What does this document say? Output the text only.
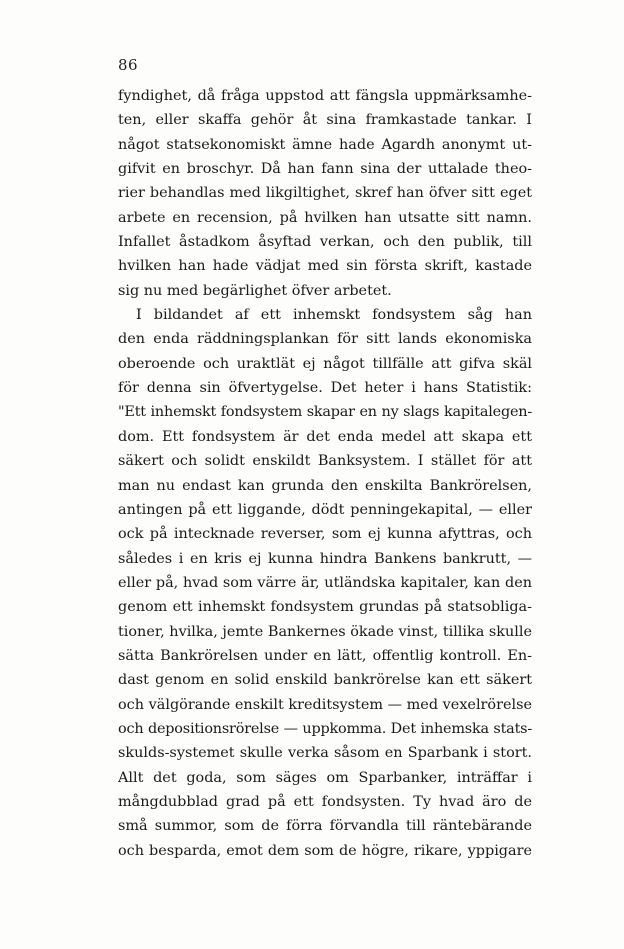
86
fyndighet, då fråga uppstod att fängsla uppmärksamhe-
ten, eller skaffa gehör åt sina framkastade tankar. I
något statsekonomiskt ämne hade Agardh anonymt ut-
gifvit en broschyr. Då han fann sina der uttalade theo-
rier behandlas med likgiltighet, skref han öfver sitt eget
arbete en recension, på hvilken han utsatte sitt namn.
Infallet åstadkom åsyftad verkan, och den publik, till
hvilken han hade vädjat med sin första skrift, kastade
sig nu med begärlighet öfver arbetet.
I bildandet af ett inhemskt fondsystem såg han
den enda räddningsplankan för sitt lands ekonomiska
oberoende och uraktlät ej något tillfälle att gifva skäl
för denna sin öfvertygelse. Det heter i hans Statistik:
"Ett inhemskt fondsystem skapar en ny slags kapitalegen-
dom. Ett fondsystem är det enda medel att skapa ett
säkert och solidt enskildt Banksystem. I stället för att
man nu endast kan grunda den enskilta Bankrörelsen,
antingen på ett liggande, dödt penningekapital, — eller
ock på intecknade reverser, som ej kunna afyttras, och
således i en kris ej kunna hindra Bankens bankrutt, —
eller på, hvad som värre är, utländska kapitaler, kan den
genom ett inhemskt fondsystem grundas på statsobliga-
tioner, hvilka, jemte Bankernes ökade vinst, tillika skulle
sätta Bankrörelsen under en lätt, offentlig kontroll. En-
dast genom en solid enskild bankrörelse kan ett säkert
och välgörande enskilt kreditsystem — med vexelrörelse
och depositionsrörelse — uppkomma. Det inhemska stats-
skulds-systemet skulle verka såsom en Sparbank i stort.
Allt det goda, som säges om Sparbanker, inträffar i
mångdubblad grad på ett fondsysten. Ty hvad äro de
små summor, som de förra förvandla till räntebärande
och besparda, emot dem som de högre, rikare, yppigare
